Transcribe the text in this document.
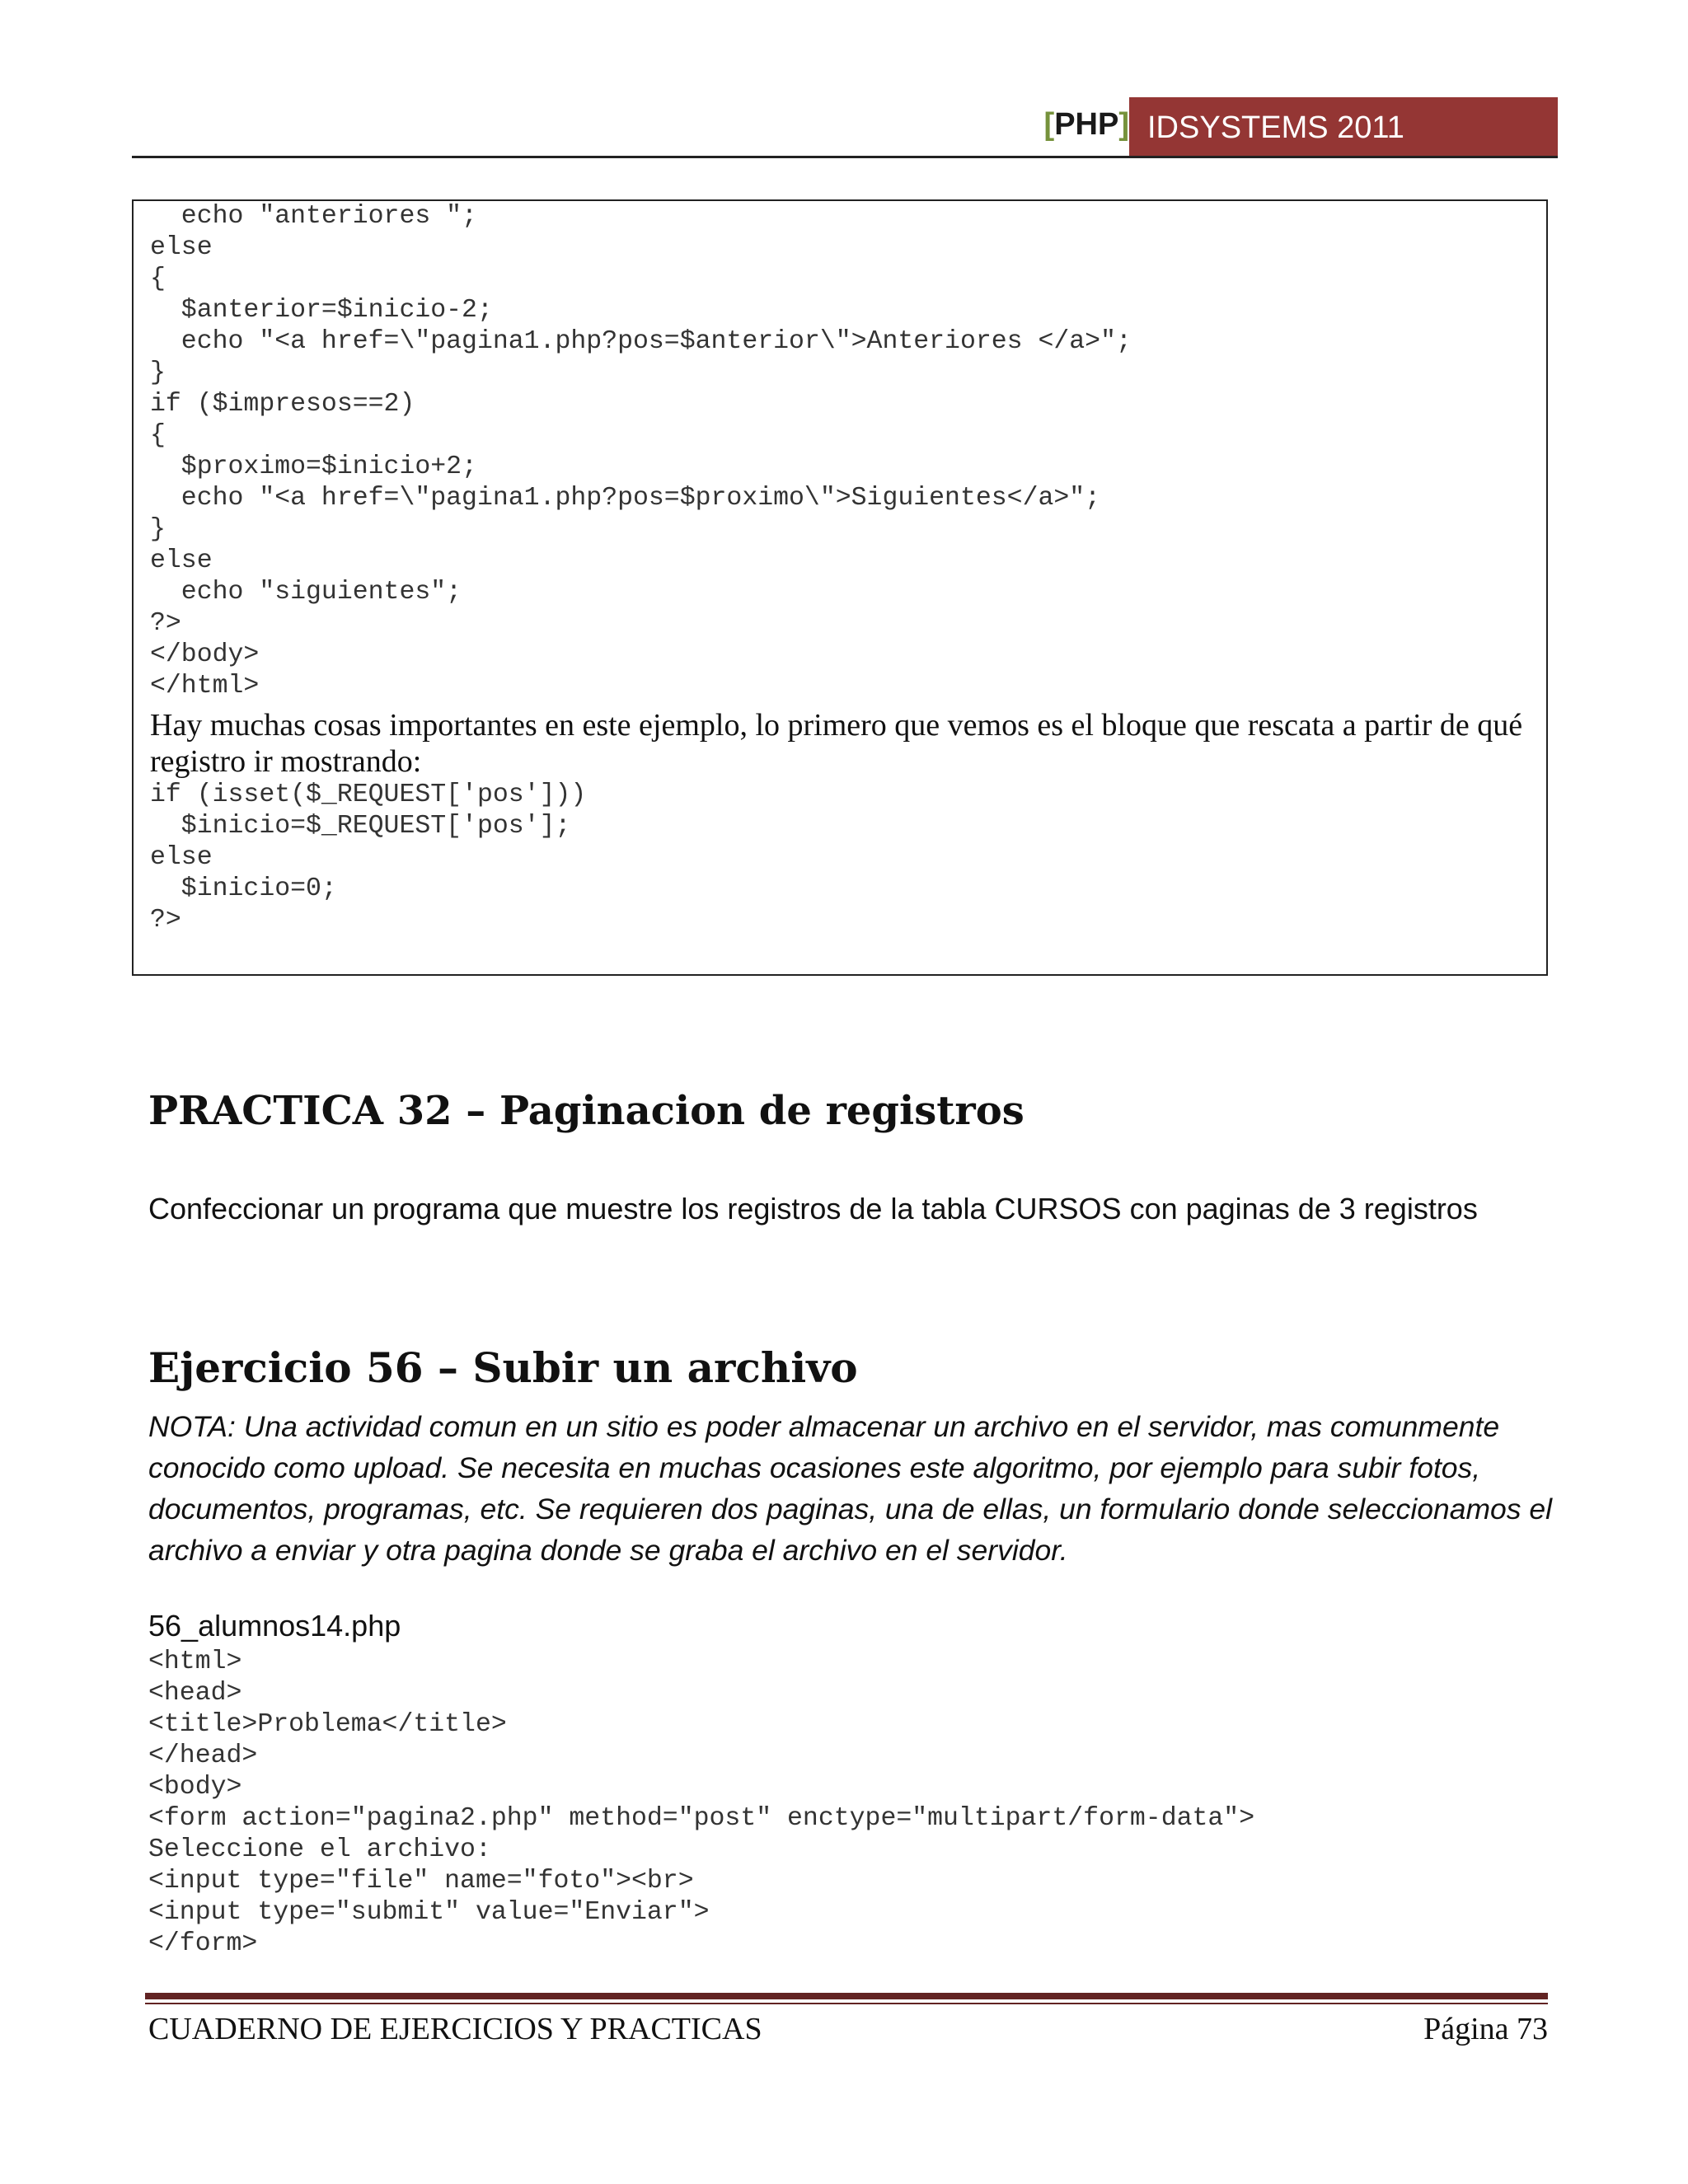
[PHP] IDSYSTEMS 2011
echo "anteriores ";
else
{
$anterior=$inicio-2;
echo "<a href=\"pagina1.php?pos=$anterior\">Anteriores </a>";
}
if ($impresos==2)
{
$proximo=$inicio+2;
echo "<a href=\"pagina1.php?pos=$proximo\">Siguientes</a>";
}
else
echo "siguientes";
?>
</body>
</html>

Hay muchas cosas importantes en este ejemplo, lo primero que vemos es el bloque que rescata a partir de qué registro ir mostrando:

if (isset($_REQUEST['pos']))
$inicio=$_REQUEST['pos'];
else
$inicio=0;
?>
PRACTICA 32 – Paginacion de registros

Confeccionar un programa que muestre los registros de la tabla CURSOS con paginas de 3 registros

Ejercicio 56 – Subir un archivo

NOTA: Una actividad comun en un sitio es poder almacenar un archivo en el servidor, mas comunmente conocido como upload. Se necesita en muchas ocasiones este algoritmo, por ejemplo para subir fotos, documentos, programas, etc. Se requieren dos paginas, una de ellas, un formulario donde seleccionamos el archivo a enviar y otra pagina donde se graba el archivo en el servidor.

56_alumnos14.php

<html>
<head>
<title>Problema</title>
</head>
<body>
<form action="pagina2.php" method="post" enctype="multipart/form-data">
Seleccione el archivo:
<input type="file" name="foto"><br>
<input type="submit" value="Enviar">
</form>
CUADERNO DE EJERCICIOS Y PRACTICAS	Página 73
